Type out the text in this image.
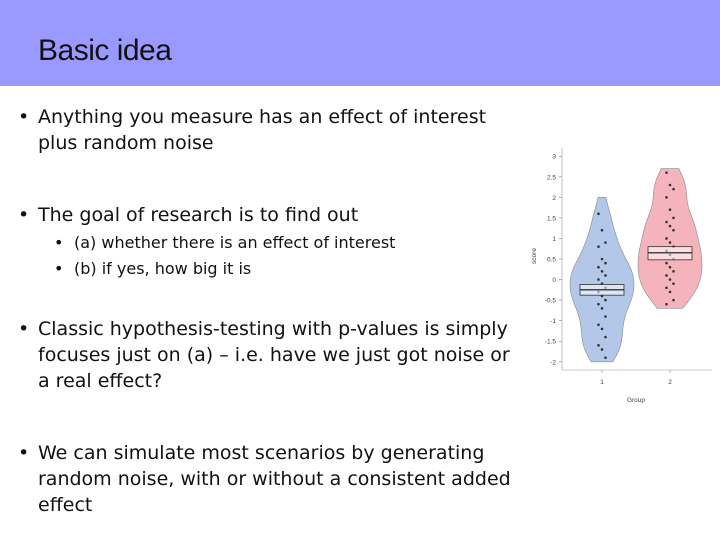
Basic idea
• Anything you measure has an effect of interest plus random noise
• The goal of research is to find out
• (a) whether there is an effect of interest
• (b) if yes, how big it is
• Classic hypothesis-testing with p-values is simply focuses just on (a) – i.e. have we just got noise or a real effect?
• We can simulate most scenarios by generating random noise, with or without a consistent added effect
3
2.5
2
1.5
1
0.5
0
-0.5
-1
-1.5
-2
score
1	2
Group
